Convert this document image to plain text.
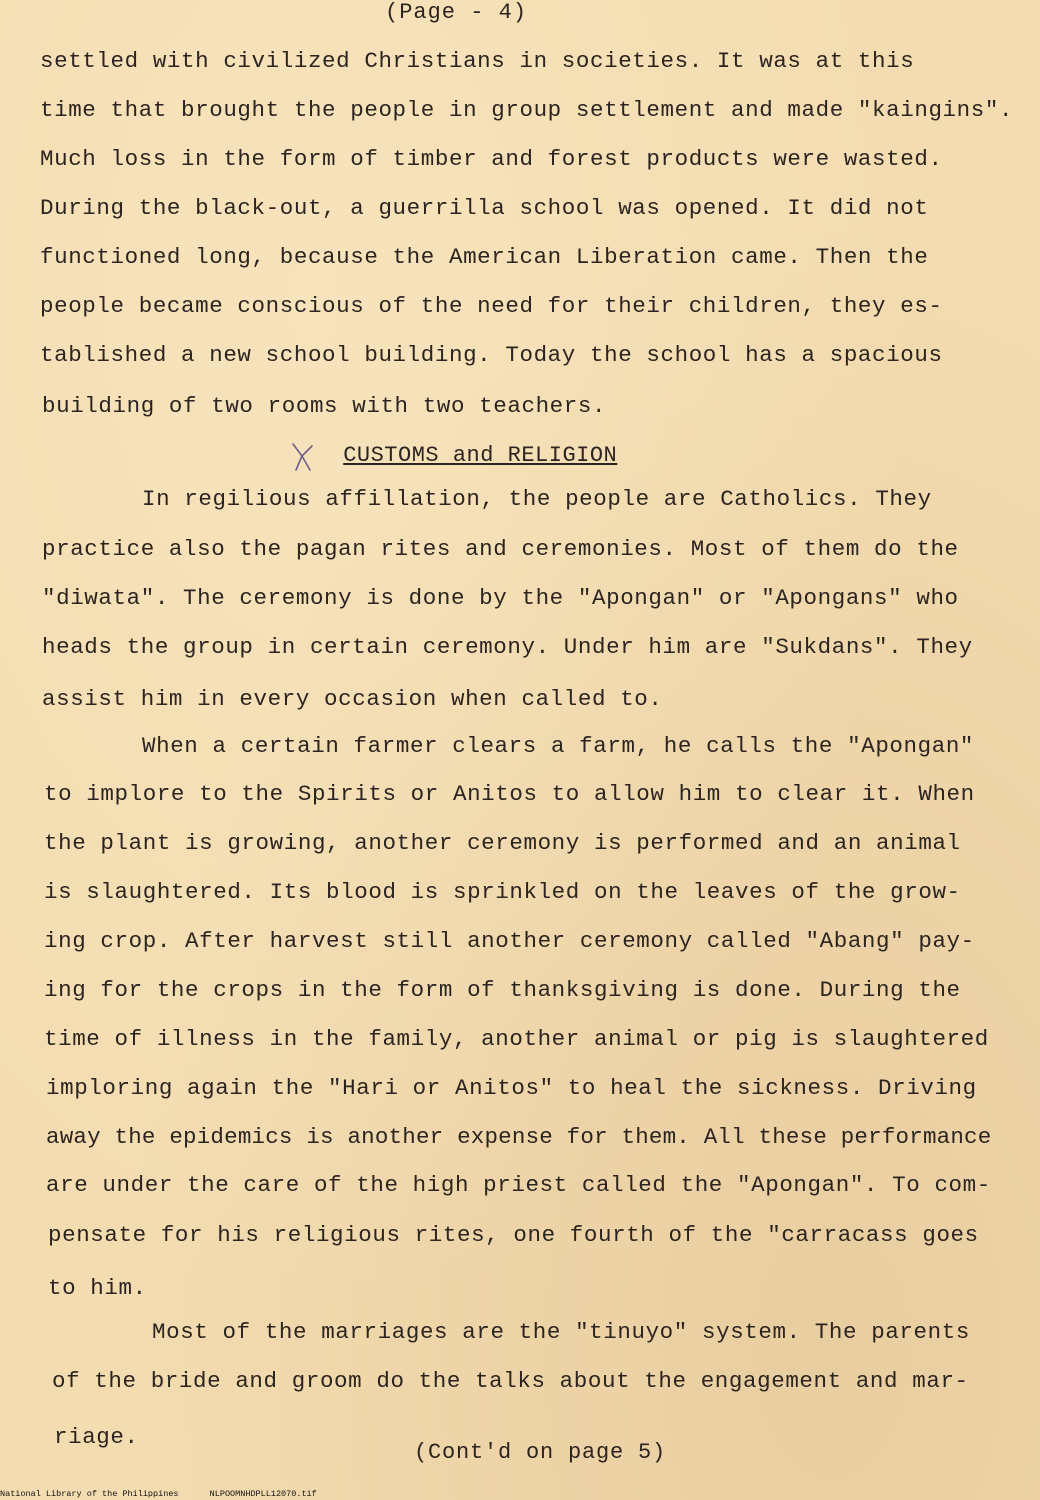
(Page - 4)
settled with civilized Christians in societies. It was at this
time that brought the people in group settlement and made "kaingins".
Much loss in the form of timber and forest products were wasted.
During the black-out, a guerrilla school was opened. It did not
functioned long, because the American Liberation came. Then the
people became conscious of the need for their children, they es-
tablished a new school building. Today the school has a spacious
building of two rooms with two teachers.
CUSTOMS and RELIGION
In regilious affillation, the people are Catholics. They
practice also the pagan rites and ceremonies. Most of them do the
"diwata". The ceremony is done by the "Apongan" or "Apongans" who
heads the group in certain ceremony. Under him are "Sukdans". They
assist him in every occasion when called to.
When a certain farmer clears a farm, he calls the "Apongan"
to implore to the Spirits or Anitos to allow him to clear it. When
the plant is growing, another ceremony is performed and an animal
is slaughtered. Its blood is sprinkled on the leaves of the grow-
ing crop. After harvest still another ceremony called "Abang" pay-
ing for the crops in the form of thanksgiving is done. During the
time of illness in the family, another animal or pig is slaughtered
imploring again the "Hari or Anitos" to heal the sickness. Driving
away the epidemics is another expense for them. All these performance
are under the care of the high priest called the "Apongan". To com-
pensate for his religious rites, one fourth of the "carracass goes
to him.
Most of the marriages are the "tinuyo" system. The parents
of the bride and groom do the talks about the engagement and mar-
riage.
(Cont'd on page 5)
National Library of the Philippines	NLPOOMNHDPLL12070.tif
